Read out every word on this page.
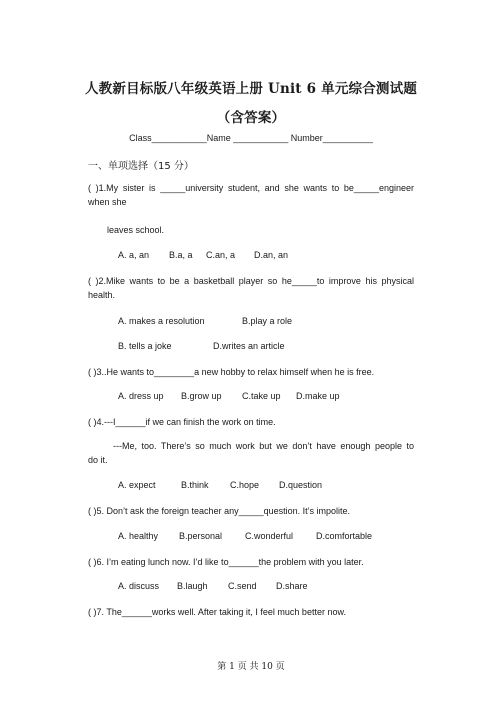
人教新目标版八年级英语上册 Unit 6 单元综合测试题
（含答案）
Class___________Name ___________ Number__________
一、单项选择（15 分）
( )1.My sister is _____university student, and she wants to be_____engineer
when she
leaves school.
A. a, an B.a, a C.an, a D.an, an
( )2.Mike wants to be a basketball player so he_____to improve his physical
health.
A. makes a resolution	B.play a role
B. tells a joke	D.writes an article
( )3..He wants to________a new hobby to relax himself when he is free.
A. dress up B.grow up C.take up D.make up
( )4.---I______if we can finish the work on time.
---Me, too. There’s so much work but we don’t have enough people to
do it.
A. expect	B.think C.hope D.question
( )5. Don’t ask the foreign teacher any_____question. It’s impolite.
A. healthy B.personal	C.wonderful	D.comfortable
( )6. I’m eating lunch now. I’d like to______the problem with you later.
A. discuss B.laugh C.send D.share
( )7. The______works well. After taking it, I feel much better now.
第 1 页 共 10 页
